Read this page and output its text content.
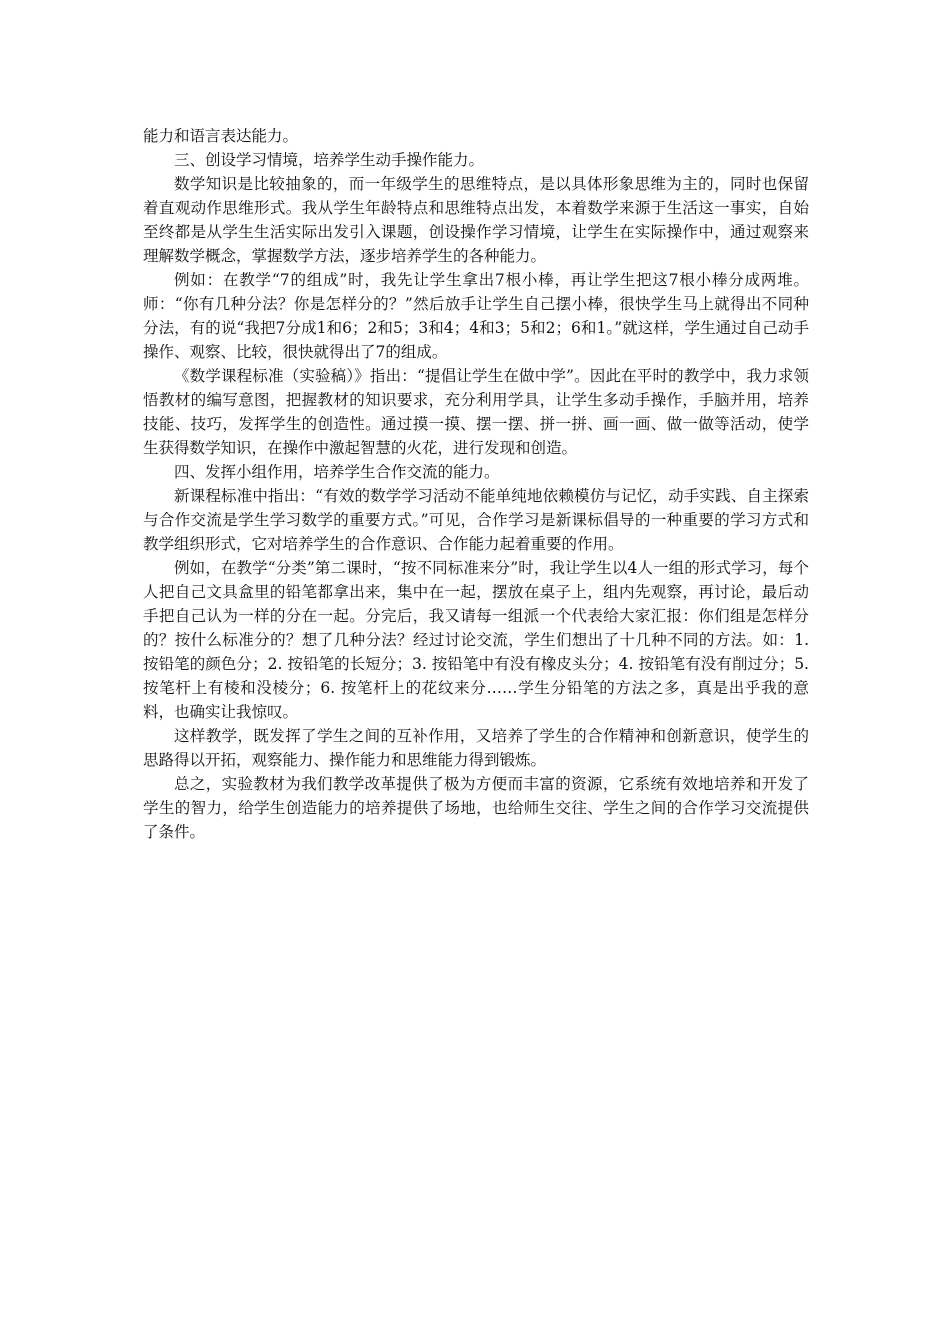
能力和语言表达能力。

三、创设学习情境，培养学生动手操作能力。

数学知识是比较抽象的，而一年级学生的思维特点，是以具体形象思维为主的，同时也保留着直观动作思维形式。我从学生年龄特点和思维特点出发，本着数学来源于生活这一事实，自始至终都是从学生生活实际出发引入课题，创设操作学习情境，让学生在实际操作中，通过观察来理解数学概念，掌握数学方法，逐步培养学生的各种能力。

例如：在教学“7的组成”时，我先让学生拿出7根小棒，再让学生把这7根小棒分成两堆。师：“你有几种分法？你是怎样分的？”然后放手让学生自己摆小棒，很快学生马上就得出不同种分法，有的说“我把7分成1和6；2和5；3和4；4和3；5和2；6和1。”就这样，学生通过自己动手操作、观察、比较，很快就得出了7的组成。

《数学课程标准（实验稿）》指出：“提倡让学生在做中学”。因此在平时的教学中，我力求领悟教材的编写意图，把握教材的知识要求，充分利用学具，让学生多动手操作，手脑并用，培养技能、技巧，发挥学生的创造性。通过摸一摸、摆一摆、拼一拼、画一画、做一做等活动，使学生获得数学知识，在操作中激起智慧的火花，进行发现和创造。

四、发挥小组作用，培养学生合作交流的能力。

新课程标准中指出：“有效的数学学习活动不能单纯地依赖模仿与记忆，动手实践、自主探索与合作交流是学生学习数学的重要方式。”可见，合作学习是新课标倡导的一种重要的学习方式和教学组织形式，它对培养学生的合作意识、合作能力起着重要的作用。

例如，在教学“分类”第二课时，“按不同标准来分”时，我让学生以4人一组的形式学习，每个人把自己文具盒里的铅笔都拿出来，集中在一起，摆放在桌子上，组内先观察，再讨论，最后动手把自己认为一样的分在一起。分完后，我又请每一组派一个代表给大家汇报：你们组是怎样分的？按什么标准分的？想了几种分法？经过讨论交流，学生们想出了十几种不同的方法。如：1. 按铅笔的颜色分；2. 按铅笔的长短分；3. 按铅笔中有没有橡皮头分；4. 按铅笔有没有削过分；5. 按笔杆上有棱和没棱分；6. 按笔杆上的花纹来分……学生分铅笔的方法之多，真是出乎我的意料，也确实让我惊叹。

这样教学，既发挥了学生之间的互补作用，又培养了学生的合作精神和创新意识，使学生的思路得以开拓，观察能力、操作能力和思维能力得到锻炼。

总之，实验教材为我们教学改革提供了极为方便而丰富的资源，它系统有效地培养和开发了学生的智力，给学生创造能力的培养提供了场地，也给师生交往、学生之间的合作学习交流提供了条件。
